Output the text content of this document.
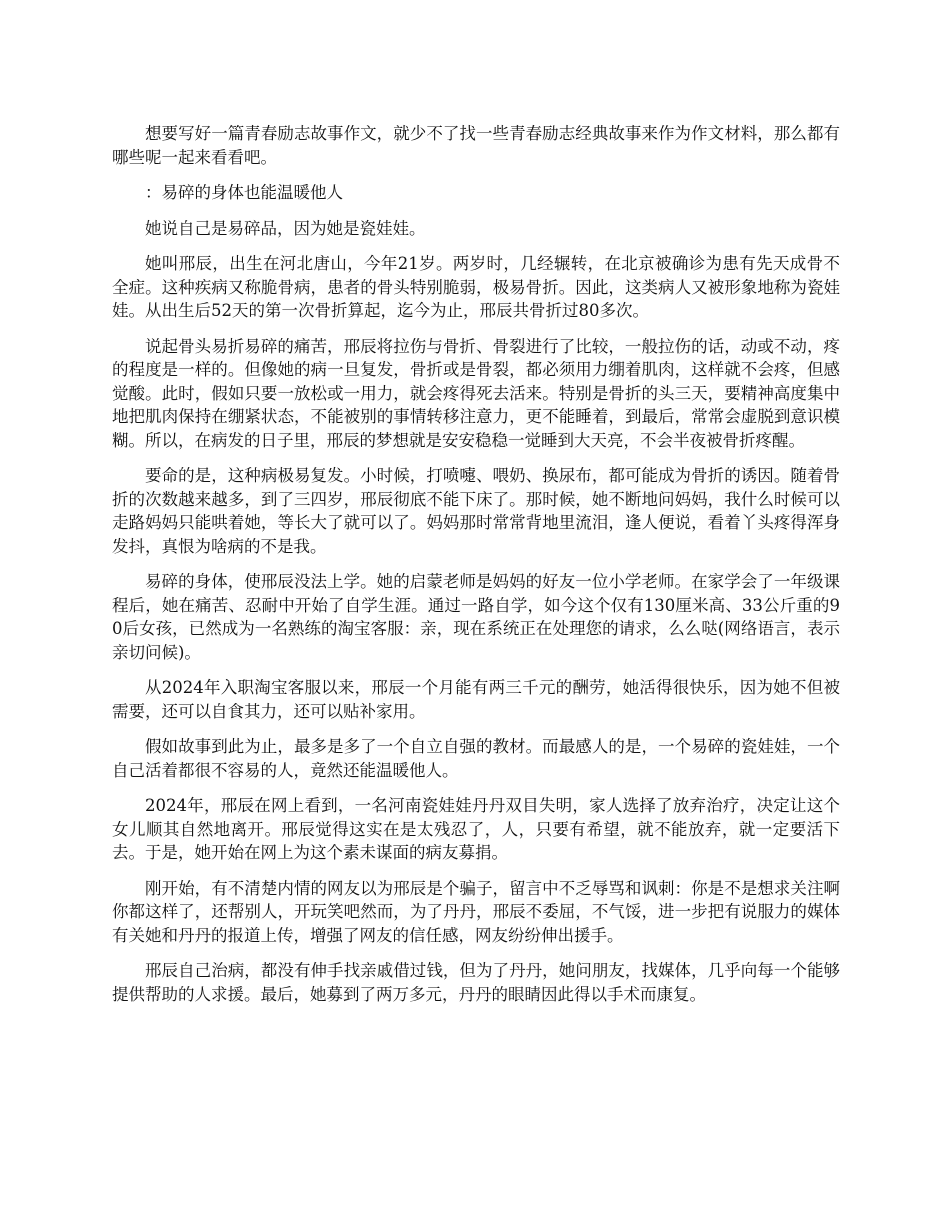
想要写好一篇青春励志故事作文，就少不了找一些青春励志经典故事来作为作文材料，那么都有哪些呢一起来看看吧。

：易碎的身体也能温暖他人

她说自己是易碎品，因为她是瓷娃娃。

她叫邢辰，出生在河北唐山，今年21岁。两岁时，几经辗转，在北京被确诊为患有先天成骨不全症。这种疾病又称脆骨病，患者的骨头特别脆弱，极易骨折。因此，这类病人又被形象地称为瓷娃娃。从出生后52天的第一次骨折算起，迄今为止，邢辰共骨折过80多次。

说起骨头易折易碎的痛苦，邢辰将拉伤与骨折、骨裂进行了比较，一般拉伤的话，动或不动，疼的程度是一样的。但像她的病一旦复发，骨折或是骨裂，都必须用力绷着肌肉，这样就不会疼，但感觉酸。此时，假如只要一放松或一用力，就会疼得死去活来。特别是骨折的头三天，要精神高度集中地把肌肉保持在绷紧状态，不能被别的事情转移注意力，更不能睡着，到最后，常常会虚脱到意识模糊。所以，在病发的日子里，邢辰的梦想就是安安稳稳一觉睡到大天亮，不会半夜被骨折疼醒。

要命的是，这种病极易复发。小时候，打喷嚏、喂奶、换尿布，都可能成为骨折的诱因。随着骨折的次数越来越多，到了三四岁，邢辰彻底不能下床了。那时候，她不断地问妈妈，我什么时候可以走路妈妈只能哄着她，等长大了就可以了。妈妈那时常常背地里流泪，逢人便说，看着丫头疼得浑身发抖，真恨为啥病的不是我。

易碎的身体，使邢辰没法上学。她的启蒙老师是妈妈的好友一位小学老师。在家学会了一年级课程后，她在痛苦、忍耐中开始了自学生涯。通过一路自学，如今这个仅有130厘米高、33公斤重的90后女孩，已然成为一名熟练的淘宝客服：亲，现在系统正在处理您的请求，么么哒(网络语言，表示亲切问候)。

从2024年入职淘宝客服以来，邢辰一个月能有两三千元的酬劳，她活得很快乐，因为她不但被需要，还可以自食其力，还可以贴补家用。

假如故事到此为止，最多是多了一个自立自强的教材。而最感人的是，一个易碎的瓷娃娃，一个自己活着都很不容易的人，竟然还能温暖他人。

2024年，邢辰在网上看到，一名河南瓷娃娃丹丹双目失明，家人选择了放弃治疗，决定让这个女儿顺其自然地离开。邢辰觉得这实在是太残忍了，人，只要有希望，就不能放弃，就一定要活下去。于是，她开始在网上为这个素未谋面的病友募捐。

刚开始，有不清楚内情的网友以为邢辰是个骗子，留言中不乏辱骂和讽刺：你是不是想求关注啊你都这样了，还帮别人，开玩笑吧然而，为了丹丹，邢辰不委屈，不气馁，进一步把有说服力的媒体有关她和丹丹的报道上传，增强了网友的信任感，网友纷纷伸出援手。

邢辰自己治病，都没有伸手找亲戚借过钱，但为了丹丹，她问朋友，找媒体，几乎向每一个能够提供帮助的人求援。最后，她募到了两万多元，丹丹的眼睛因此得以手术而康复。
